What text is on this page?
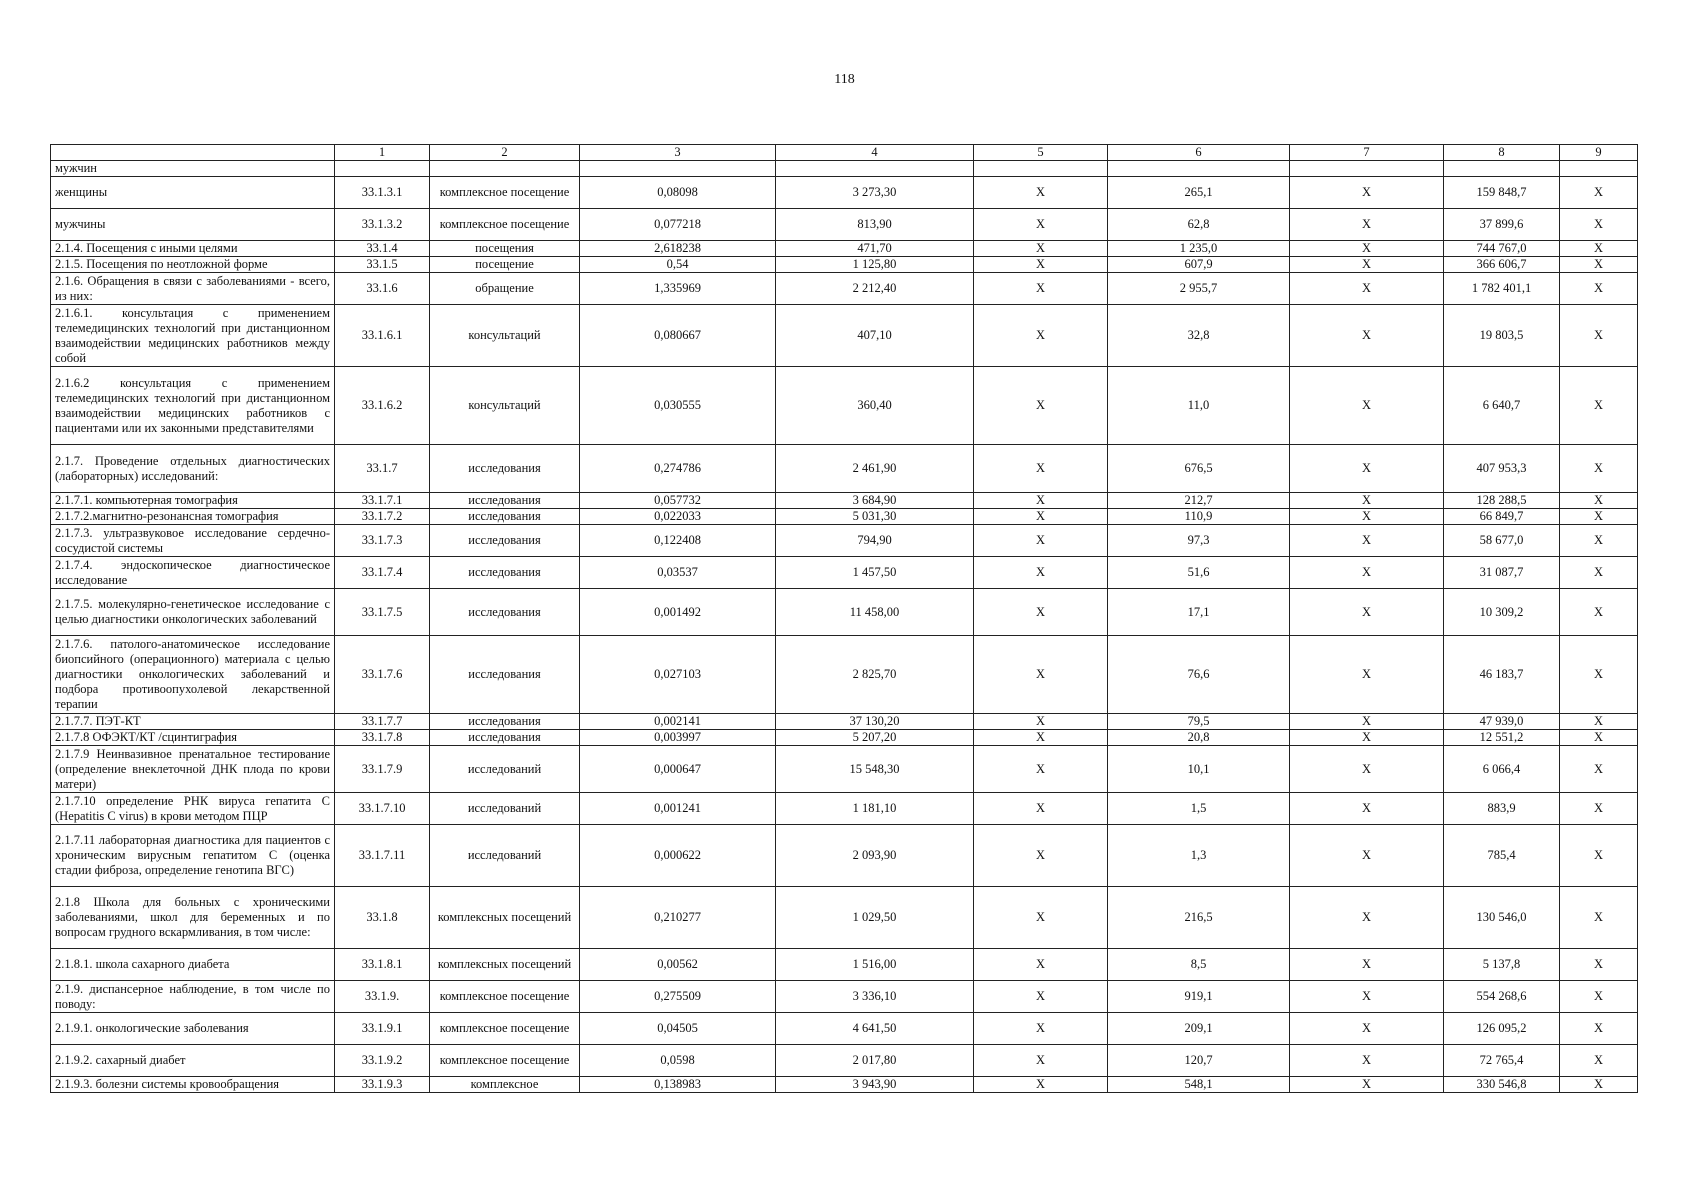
118
	1	2	3	4	5	6	7	8	9
мужчин									
женщины	33.1.3.1	комплексное посещение	0,08098	3 273,30	X	265,1	X	159 848,7	X
мужчины	33.1.3.2	комплексное посещение	0,077218	813,90	X	62,8	X	37 899,6	X
2.1.4. Посещения с иными целями	33.1.4	посещения	2,618238	471,70	X	1 235,0	X	744 767,0	X
2.1.5. Посещения по неотложной форме	33.1.5	посещение	0,54	1 125,80	X	607,9	X	366 606,7	X
2.1.6. Обращения в связи с заболеваниями - всего, из них:	33.1.6	обращение	1,335969	2 212,40	X	2 955,7	X	1 782 401,1	X
2.1.6.1. консультация с применением телемедицинских технологий при дистанционном взаимодействии медицинских работников между собой	33.1.6.1	консультаций	0,080667	407,10	X	32,8	X	19 803,5	X
2.1.6.2 консультация с применением телемедицинских технологий при дистанционном взаимодействии медицинских работников с пациентами или их законными представителями	33.1.6.2	консультаций	0,030555	360,40	X	11,0	X	6 640,7	X
2.1.7. Проведение отдельных диагностических (лабораторных) исследований:	33.1.7	исследования	0,274786	2 461,90	X	676,5	X	407 953,3	X
2.1.7.1. компьютерная томография	33.1.7.1	исследования	0,057732	3 684,90	X	212,7	X	128 288,5	X
2.1.7.2.магнитно-резонансная томография	33.1.7.2	исследования	0,022033	5 031,30	X	110,9	X	66 849,7	X
2.1.7.3. ультразвуковое исследование сердечно-сосудистой системы	33.1.7.3	исследования	0,122408	794,90	X	97,3	X	58 677,0	X
2.1.7.4. эндоскопическое диагностическое исследование	33.1.7.4	исследования	0,03537	1 457,50	X	51,6	X	31 087,7	X
2.1.7.5. молекулярно-генетическое исследование с целью диагностики онкологических заболеваний	33.1.7.5	исследования	0,001492	11 458,00	X	17,1	X	10 309,2	X
2.1.7.6. патолого-анатомическое исследование биопсийного (операционного) материала с целью диагностики онкологических заболеваний и подбора противоопухолевой лекарственной терапии	33.1.7.6	исследования	0,027103	2 825,70	X	76,6	X	46 183,7	X
2.1.7.7. ПЭТ-КТ	33.1.7.7	исследования	0,002141	37 130,20	X	79,5	X	47 939,0	X
2.1.7.8 ОФЭКТ/КТ /сцинтиграфия	33.1.7.8	исследования	0,003997	5 207,20	X	20,8	X	12 551,2	X
2.1.7.9 Неинвазивное пренатальное тестирование (определение внеклеточной ДНК плода по крови матери)	33.1.7.9	исследований	0,000647	15 548,30	X	10,1	X	6 066,4	X
2.1.7.10 определение РНК вируса гепатита С (Hepatitis C virus) в крови методом ПЦР	33.1.7.10	исследований	0,001241	1 181,10	X	1,5	X	883,9	X
2.1.7.11 лабораторная диагностика для пациентов с хроническим вирусным гепатитом С (оценка стадии фиброза, определение генотипа ВГС)	33.1.7.11	исследований	0,000622	2 093,90	X	1,3	X	785,4	X
2.1.8 Школа для больных с хроническими заболеваниями, школ для беременных и по вопросам грудного вскармливания, в том числе:	33.1.8	комплексных посещений	0,210277	1 029,50	X	216,5	X	130 546,0	X
2.1.8.1. школа сахарного диабета	33.1.8.1	комплексных посещений	0,00562	1 516,00	X	8,5	X	5 137,8	X
2.1.9. диспансерное наблюдение, в том числе по поводу:	33.1.9.	комплексное посещение	0,275509	3 336,10	X	919,1	X	554 268,6	X
2.1.9.1. онкологические заболевания	33.1.9.1	комплексное посещение	0,04505	4 641,50	X	209,1	X	126 095,2	X
2.1.9.2. сахарный диабет	33.1.9.2	комплексное посещение	0,0598	2 017,80	X	120,7	X	72 765,4	X
2.1.9.3. болезни системы кровообращения	33.1.9.3	комплексное	0,138983	3 943,90	X	548,1	X	330 546,8	X
